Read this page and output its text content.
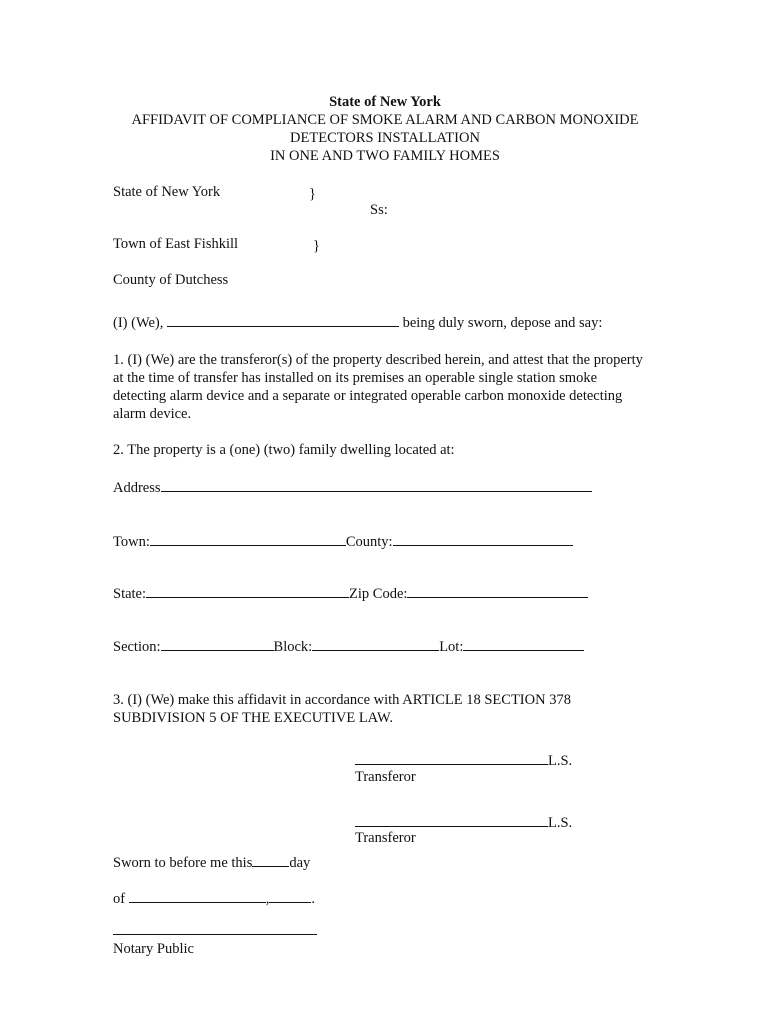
State of New York
AFFIDAVIT OF COMPLIANCE OF SMOKE ALARM AND CARBON MONOXIDE
DETECTORS INSTALLATION
IN ONE AND TWO FAMILY HOMES
State of New York	}
Ss:
Town of East Fishkill	}
County of Dutchess
(I) (We),	being duly sworn, depose and say:
1. (I) (We) are the transferor(s) of the property described herein, and attest that the property at the time of transfer has installed on its premises an operable single station smoke detecting alarm device and a separate or integrated operable carbon monoxide detecting alarm device.
2. The property is a (one) (two) family dwelling located at:
Address
Town:	County:
State:	Zip Code:
Section:	Block:	Lot:
3. (I) (We) make this affidavit in accordance with ARTICLE 18 SECTION 378
SUBDIVISION 5 OF THE EXECUTIVE LAW.
L.S.
Transferor
L.S.
Transferor
Sworn to before me this	day
of	,	.
Notary Public
